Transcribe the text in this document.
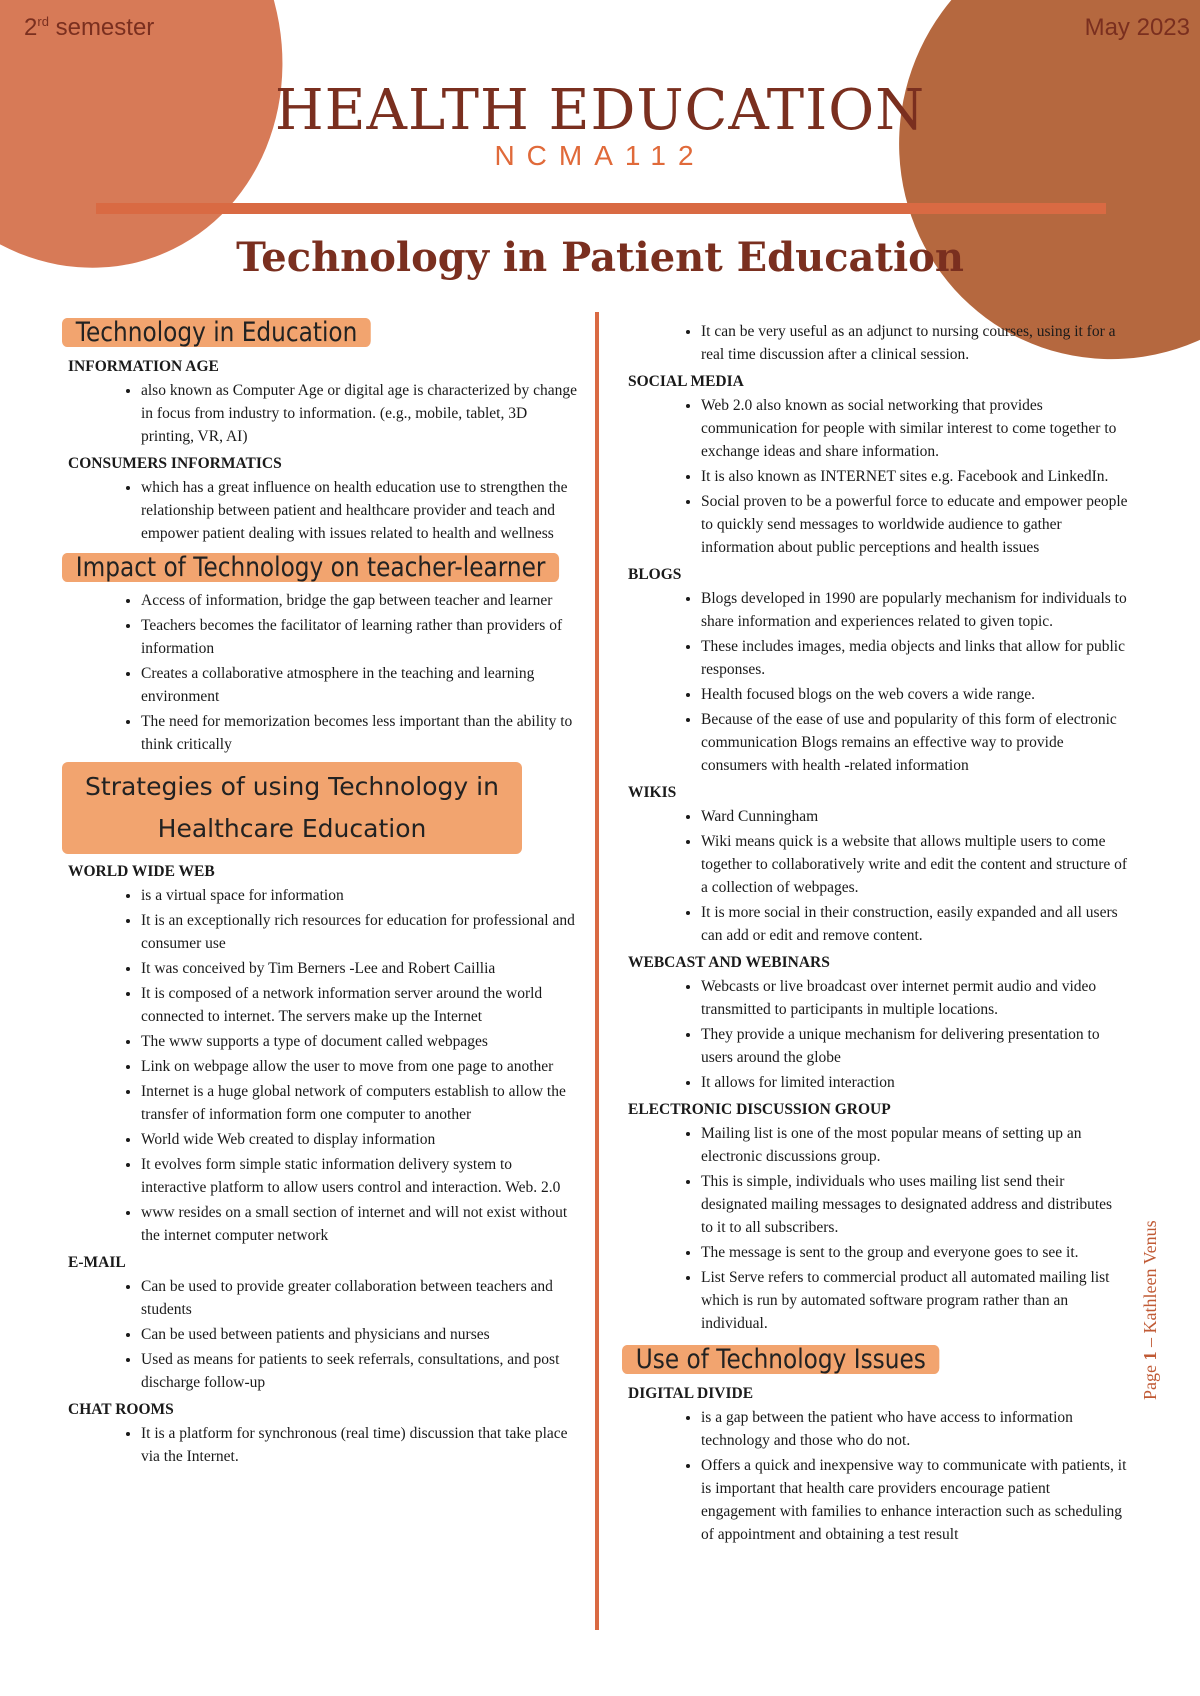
2rd semester	May 2023
HEALTH EDUCATION
NCMA112
Technology in Patient Education
Technology in Education
INFORMATION AGE
• also known as Computer Age or digital age is characterized by change in focus from industry to information. (e.g., mobile, tablet, 3D printing, VR, AI)
CONSUMERS INFORMATICS
• which has a great influence on health education use to strengthen the relationship between patient and healthcare provider and teach and empower patient dealing with issues related to health and wellness
Impact of Technology on teacher-learner
• Access of information, bridge the gap between teacher and learner
• Teachers becomes the facilitator of learning rather than providers of information
• Creates a collaborative atmosphere in the teaching and learning environment
• The need for memorization becomes less important than the ability to think critically
Strategies of using Technology in
Healthcare Education
WORLD WIDE WEB
• is a virtual space for information
• It is an exceptionally rich resources for education for professional and consumer use
• It was conceived by Tim Berners -Lee and Robert Caillia
• It is composed of a network information server around the world connected to internet. The servers make up the Internet
• The www supports a type of document called webpages
• Link on webpage allow the user to move from one page to another
• Internet is a huge global network of computers establish to allow the transfer of information form one computer to another
• World wide Web created to display information
• It evolves form simple static information delivery system to interactive platform to allow users control and interaction. Web. 2.0
• www resides on a small section of internet and will not exist without the internet computer network
E-MAIL
• Can be used to provide greater collaboration between teachers and students
• Can be used between patients and physicians and nurses
• Used as means for patients to seek referrals, consultations, and post discharge follow-up
CHAT ROOMS
• It is a platform for synchronous (real time) discussion that take place via the Internet.
• It can be very useful as an adjunct to nursing courses, using it for a real time discussion after a clinical session.
SOCIAL MEDIA
• Web 2.0 also known as social networking that provides communication for people with similar interest to come together to exchange ideas and share information.
• It is also known as INTERNET sites e.g. Facebook and LinkedIn.
• Social proven to be a powerful force to educate and empower people to quickly send messages to worldwide audience to gather information about public perceptions and health issues
BLOGS
• Blogs developed in 1990 are popularly mechanism for individuals to share information and experiences related to given topic.
• These includes images, media objects and links that allow for public responses.
• Health focused blogs on the web covers a wide range.
• Because of the ease of use and popularity of this form of electronic communication Blogs remains an effective way to provide consumers with health -related information
WIKIS
• Ward Cunningham
• Wiki means quick is a website that allows multiple users to come together to collaboratively write and edit the content and structure of a collection of webpages.
• It is more social in their construction, easily expanded and all users can add or edit and remove content.
WEBCAST AND WEBINARS
• Webcasts or live broadcast over internet permit audio and video transmitted to participants in multiple locations.
• They provide a unique mechanism for delivering presentation to users around the globe
• It allows for limited interaction
ELECTRONIC DISCUSSION GROUP
• Mailing list is one of the most popular means of setting up an electronic discussions group.
• This is simple, individuals who uses mailing list send their designated mailing messages to designated address and distributes to it to all subscribers.
• The message is sent to the group and everyone goes to see it.
• List Serve refers to commercial product all automated mailing list which is run by automated software program rather than an individual.
Use of Technology Issues
DIGITAL DIVIDE
• is a gap between the patient who have access to information technology and those who do not.
• Offers a quick and inexpensive way to communicate with patients, it is important that health care providers encourage patient engagement with families to enhance interaction such as scheduling of appointment and obtaining a test result
Page 1 – Kathleen Venus
